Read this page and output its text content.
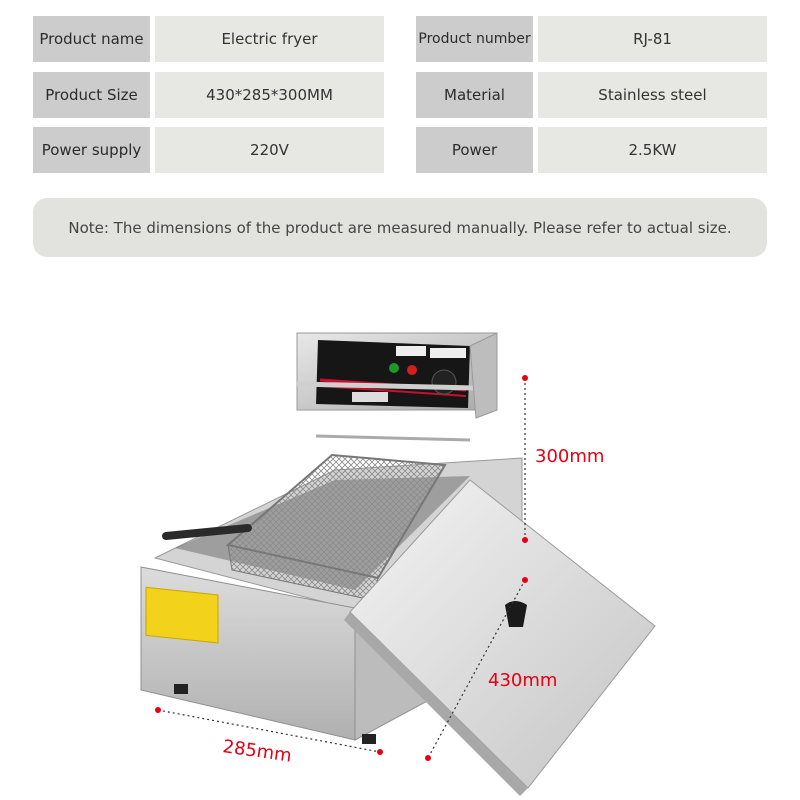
Product name	Electric fryer	Product number	RJ-81
Product Size	430*285*300MM	Material	Stainless steel
Power supply	220V	Power	2.5KW
Note: The dimensions of the product are measured manually. Please refer to actual size.
300mm
430mm
285mm
